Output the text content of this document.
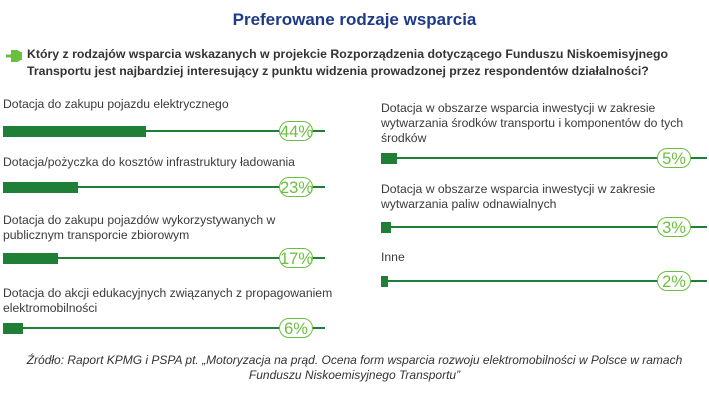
Preferowane rodzaje wsparcia
Który z rodzajów wsparcia wskazanych w projekcie Rozporządzenia dotyczącego Funduszu Niskoemisyjnego Transportu jest najbardziej interesujący z punktu widzenia prowadzonej przez respondentów działalności?
Dotacja do zakupu pojazdu elektrycznego
44%
Dotacja/pożyczka do kosztów infrastruktury ładowania
23%
Dotacja do zakupu pojazdów wykorzystywanych w publicznym transporcie zbiorowym
17%
Dotacja do akcji edukacyjnych związanych z propagowaniem elektromobilności
6%
Dotacja w obszarze wsparcia inwestycji w zakresie wytwarzania środków transportu i komponentów do tych środków
5%
Dotacja w obszarze wsparcia inwestycji w zakresie wytwarzania paliw odnawialnych
3%
Inne
2%
Źródło: Raport KPMG i PSPA pt. „Motoryzacja na prąd. Ocena form wsparcia rozwoju elektromobilności w Polsce w ramach Funduszu Niskoemisyjnego Transportu”
